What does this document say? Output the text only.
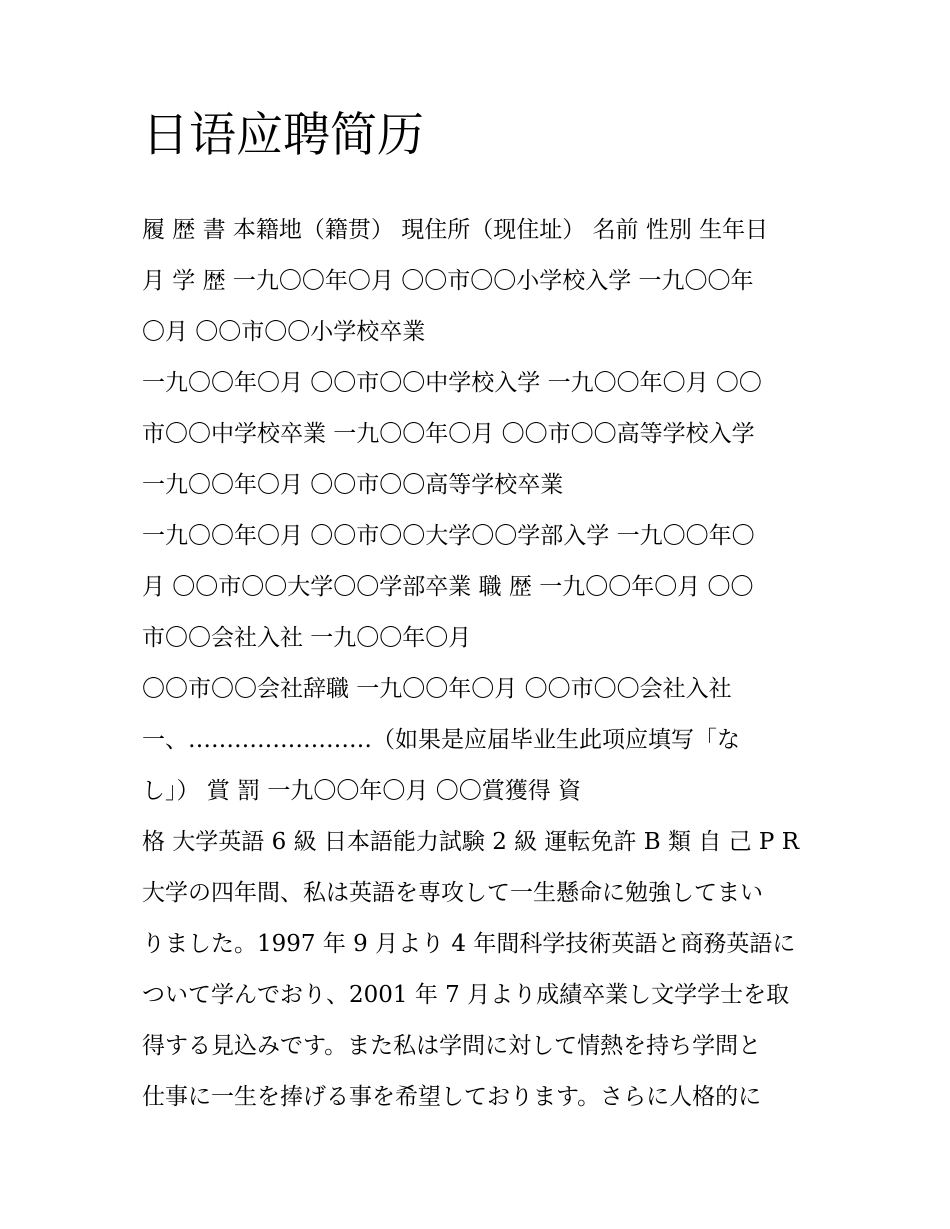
日语应聘简历

履 歴 書 本籍地（籍贯） 現住所（现住址） 名前 性別 生年日

月 学 歴 一九〇〇年〇月 〇〇市〇〇小学校入学 一九〇〇年

〇月 〇〇市〇〇小学校卒業

一九〇〇年〇月 〇〇市〇〇中学校入学 一九〇〇年〇月 〇〇

市〇〇中学校卒業 一九〇〇年〇月 〇〇市〇〇高等学校入学

一九〇〇年〇月 〇〇市〇〇高等学校卒業

一九〇〇年〇月 〇〇市〇〇大学〇〇学部入学 一九〇〇年〇

月 〇〇市〇〇大学〇〇学部卒業 職 歴 一九〇〇年〇月 〇〇

市〇〇会社入社 一九〇〇年〇月

〇〇市〇〇会社辞職 一九〇〇年〇月 〇〇市〇〇会社入社

一、……………………（如果是应届毕业生此项应填写「な

し」） 賞 罰 一九〇〇年〇月 〇〇賞獲得 資

格 大学英語 6 級 日本語能力試験 2 級 運転免許 B 類 自 己 P R

大学の四年間、私は英語を専攻して一生懸命に勉強してまい

りました。1997 年 9 月より 4 年間科学技術英語と商務英語に

ついて学んでおり、2001 年 7 月より成績卒業し文学学士を取

得する見込みです。また私は学問に対して情熱を持ち学問と

仕事に一生を捧げる事を希望しております。さらに人格的に
